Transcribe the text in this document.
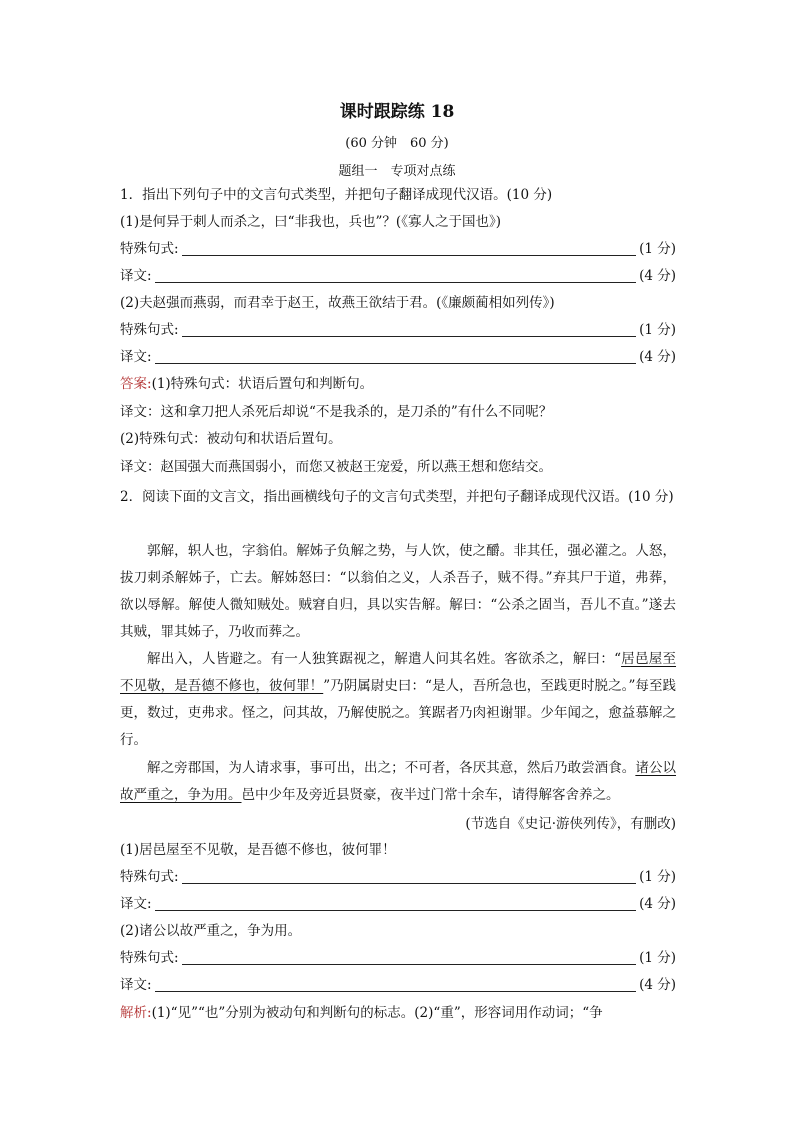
课时跟踪练 18
(60 分钟　60 分)
题组一　专项对点练
1．指出下列句子中的文言句式类型，并把句子翻译成现代汉语。(10 分)
(1)是何异于刺人而杀之，曰“非我也，兵也”？(《寡人之于国也》)
特殊句式:	(1 分)
译文:	(4 分)
(2)夫赵强而燕弱，而君幸于赵王，故燕王欲结于君。(《廉颇蔺相如列传》)
特殊句式:	(1 分)
译文:	(4 分)
答案:(1)特殊句式：状语后置句和判断句。
译文：这和拿刀把人杀死后却说“不是我杀的，是刀杀的”有什么不同呢？
(2)特殊句式：被动句和状语后置句。
译文：赵国强大而燕国弱小，而您又被赵王宠爱，所以燕王想和您结交。
2．阅读下面的文言文，指出画横线句子的文言句式类型，并把句子翻译成现代汉语。(10 分)
郭解，轵人也，字翁伯。解姊子负解之势，与人饮，使之釂。非其任，强必灌之。人怒，拔刀刺杀解姊子，亡去。解姊怒曰：“以翁伯之义，人杀吾子，贼不得。”弃其尸于道，弗葬，欲以辱解。解使人微知贼处。贼窘自归，具以实告解。解曰：“公杀之固当，吾儿不直。”遂去其贼，罪其姊子，乃收而葬之。
解出入，人皆避之。有一人独箕踞视之，解遣人问其名姓。客欲杀之，解曰：“居邑屋至不见敬，是吾德不修也，彼何罪！”乃阴属尉史曰：“是人，吾所急也，至践更时脱之。”每至践更，数过，吏弗求。怪之，问其故，乃解使脱之。箕踞者乃肉袒谢罪。少年闻之，愈益慕解之行。
解之旁郡国，为人请求事，事可出，出之；不可者，各厌其意，然后乃敢尝酒食。诸公以故严重之，争为用。邑中少年及旁近县贤豪，夜半过门常十余车，请得解客舍养之。
(节选自《史记·游侠列传》，有删改)
(1)居邑屋至不见敬，是吾德不修也，彼何罪！
特殊句式:	(1 分)
译文:	(4 分)
(2)诸公以故严重之，争为用。
特殊句式:	(1 分)
译文:	(4 分)
解析:(1)“见”“也”分别为被动句和判断句的标志。(2)“重”，形容词用作动词；“争
